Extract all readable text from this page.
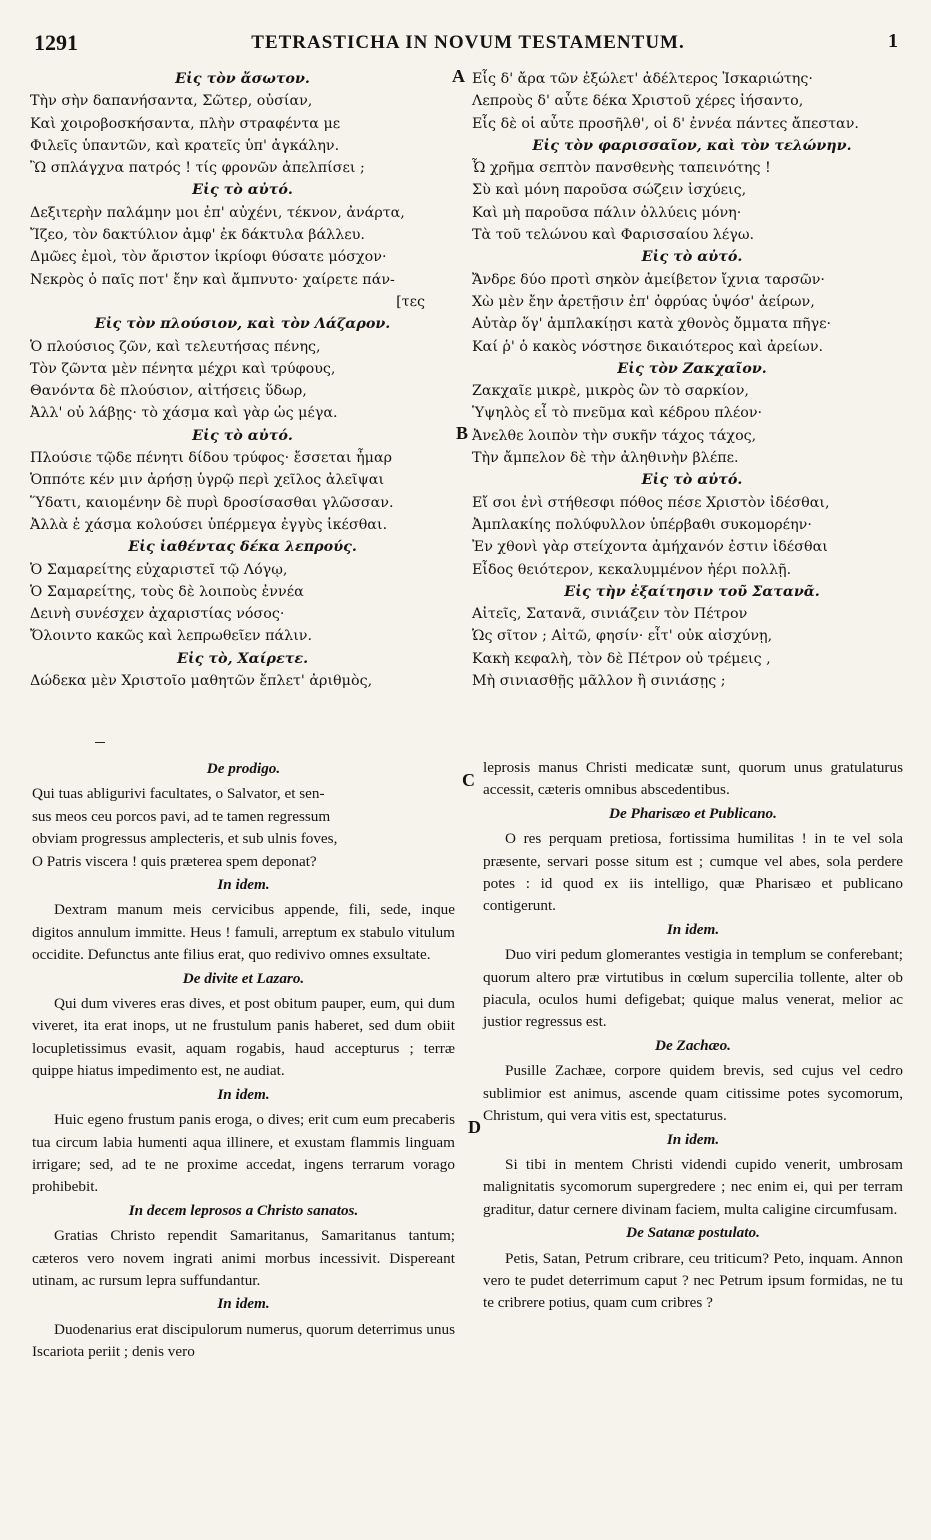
1291	TETRASTICHA IN NOVUM TESTAMENTUM.	1
A
B
C
D
Εἰς τὸν ἄσωτον.
Τὴν σὴν δαπανήσαντα, Σῶτερ, οὐσίαν,
Καὶ χοιροβοσκήσαντα, πλὴν στραφέντα με
Φιλεῖς ὑπαντῶν, καὶ κρατεῖς ὑπ' ἀγκάλην.
Ὢ σπλάγχνα πατρός ! τίς φρονῶν ἀπελπίσει ;
Εἰς τὸ αὐτό.
Δεξιτερὴν παλάμην μοι ἐπ' αὐχένι, τέκνον, ἀνάρτα,
Ἴζεο, τὸν δακτύλιον ἀμφ' ἐκ δάκτυλα βάλλευ.
Δμῶες ἐμοὶ, τὸν ἄριστον ἱκρίοφι θύσατε μόσχον·
Νεκρὸς ὁ παῖς ποτ' ἔην καὶ ἄμπνυτο· χαίρετε πάν-
[τες
Εἰς τὸν πλούσιον, καὶ τὸν Λάζαρον.
Ὁ πλούσιος ζῶν, καὶ τελευτήσας πένης,
Τὸν ζῶντα μὲν πένητα μέχρι καὶ τρύφους,
Θανόντα δὲ πλούσιον, αἰτήσεις ὕδωρ,
Ἀλλ' οὐ λάβῃς· τὸ χάσμα καὶ γὰρ ὡς μέγα.
Εἰς τὸ αὐτό.
Πλούσιε τῷδε πένητι δίδου τρύφος· ἔσσεται ἦμαρ
Ὁππότε κέν μιν ἀρήσῃ ὑγρῷ περὶ χεῖλος ἀλεῖψαι
Ὕδατι, καιομένην δὲ πυρὶ δροσίσασθαι γλῶσσαν.
Ἀλλὰ ἑ χάσμα κολούσει ὑπέρμεγα ἐγγὺς ἱκέσθαι.
Εἰς ἰαθέντας δέκα λεπρούς.
Ὁ Σαμαρείτης εὐχαριστεῖ τῷ Λόγῳ,
Ὁ Σαμαρείτης, τοὺς δὲ λοιποὺς ἐννέα
Δεινὴ συνέσχεν ἀχαριστίας νόσος·
Ὄλοιντο κακῶς καὶ λεπρωθεῖεν πάλιν.
Εἰς τὸ, Χαίρετε.
Δώδεκα μὲν Χριστοῖο μαθητῶν ἔπλετ' ἀριθμὸς,
Εἷς δ' ἄρα τῶν ἐξώλετ' ἀδέλτερος Ἰσκαριώτης·
Λεπροὺς δ' αὖτε δέκα Χριστοῦ χέρες ἰήσαντο,
Εἷς δὲ οἱ αὖτε προσῆλθ', οἱ δ' ἐννέα πάντες ἄπεσταν.
Εἰς τὸν φαρισσαῖον, καὶ τὸν τελώνην.
Ὦ χρῆμα σεπτὸν πανσθενὴς ταπεινότης !
Σὺ καὶ μόνη παροῦσα σώζειν ἰσχύεις,
Καὶ μὴ παροῦσα πάλιν ὀλλύεις μόνη·
Τὰ τοῦ τελώνου καὶ Φαρισσαίου λέγω.
Εἰς τὸ αὐτό.
Ἄνδρε δύο προτὶ σηκὸν ἀμείβετον ἴχνια ταρσῶν·
Χὼ μὲν ἔην ἀρετῇσιν ἐπ' ὀφρύας ὑψόσ' ἀείρων,
Αὐτὰρ ὅγ' ἀμπλακίῃσι κατὰ χθονὸς ὄμματα πῆγε·
Καί ῥ' ὁ κακὸς νόστησε δικαιότερος καὶ ἀρείων.
Εἰς τὸν Ζακχαῖον.
Ζακχαῖε μικρὲ, μικρὸς ὢν τὸ σαρκίον,
Ὑψηλὸς εἶ τὸ πνεῦμα καὶ κέδρου πλέον·
Ἀνελθε λοιπὸν τὴν συκῆν τάχος τάχος,
Τὴν ἄμπελον δὲ τὴν ἀληθινὴν βλέπε.
Εἰς τὸ αὐτό.
Εἴ σοι ἐνὶ στήθεσφι πόθος πέσε Χριστὸν ἰδέσθαι,
Ἀμπλακίης πολύφυλλον ὑπέρβαθι συκομορέην·
Ἐν χθονὶ γὰρ στείχοντα ἀμήχανόν ἐστιν ἰδέσθαι
Εἶδος θειότερον, κεκαλυμμένον ἠέρι πολλῇ.
Εἰς τὴν ἐξαίτησιν τοῦ Σατανᾶ.
Αἰτεῖς, Σατανᾶ, σινιάζειν τὸν Πέτρον
Ὡς σῖτον ; Αἰτῶ, φησίν· εἶτ' οὐκ αἰσχύνῃ,
Κακὴ κεφαλὴ, τὸν δὲ Πέτρον οὐ τρέμεις ,
Μὴ σινιασθῇς μᾶλλον ἢ σινιάσῃς ;
De prodigo.
Qui tuas abligurivi facultates, o Salvator, et sen-
sus meos ceu porcos pavi, ad te tamen regressum
obviam progressus amplecteris, et sub ulnis foves,
O Patris viscera ! quis præterea spem deponat?
In idem.

Dextram manum meis cervicibus appende, fili, sede, inque digitos annulum immitte. Heus ! famuli, arreptum ex stabulo vitulum occidite. Defunctus ante filius erat, quo redivivo omnes exsultate.

De divite et Lazaro.

Qui dum viveres eras dives, et post obitum pauper, eum, qui dum viveret, ita erat inops, ut ne frustulum panis haberet, sed dum obiit locupletissimus evasit, aquam rogabis, haud accepturus ; terræ quippe hiatus impedimento est, ne audiat.

In idem.

Huic egeno frustum panis eroga, o dives; erit cum eum precaberis tua circum labia humenti aqua illinere, et exustam flammis linguam irrigare; sed, ad te ne proxime accedat, ingens terrarum vorago prohibebit.

In decem leprosos a Christo sanatos.

Gratias Christo rependit Samaritanus, Samaritanus tantum; cæteros vero novem ingrati animi morbus incessivit. Dispereant utinam, ac rursum lepra suffundantur.

In idem.

Duodenarius erat discipulorum numerus, quorum deterrimus unus Iscariota periit ; denis vero

leprosis manus Christi medicatæ sunt, quorum unus gratulaturus accessit, cæteris omnibus abscedentibus.

De Pharisæo et Publicano.

O res perquam pretiosa, fortissima humilitas ! in te vel sola præsente, servari posse situm est ; cumque vel abes, sola perdere potes : id quod ex iis intelligo, quæ Pharisæo et publicano contigerunt.

In idem.

Duo viri pedum glomerantes vestigia in templum se conferebant; quorum altero præ virtutibus in cœlum supercilia tollente, alter ob piacula, oculos humi defigebat; quique malus venerat, melior ac justior regressus est.

De Zachæo.

Pusille Zachæe, corpore quidem brevis, sed cujus vel cedro sublimior est animus, ascende quam citissime potes sycomorum, Christum, qui vera vitis est, spectaturus.

In idem.

Si tibi in mentem Christi videndi cupido venerit, umbrosam malignitatis sycomorum supergredere ; nec enim ei, qui per terram graditur, datur cernere divinam faciem, multa caligine circumfusam.

De Satanæ postulato.

Petis, Satan, Petrum cribrare, ceu triticum? Peto, inquam. Annon vero te pudet deterrimum caput ? nec Petrum ipsum formidas, ne tu te cribrere potius, quam cum cribres ?
